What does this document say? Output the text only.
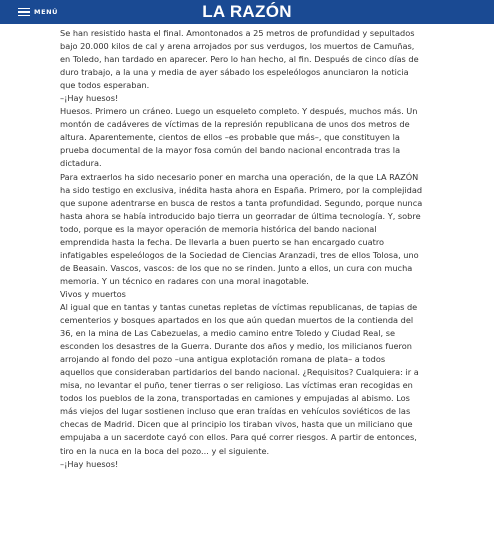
MENÚ	LA RAZÓN

Se han resistido hasta el final. Amontonados a 25 metros de profundidad y sepultados

bajo 20.000 kilos de cal y arena arrojados por sus verdugos, los muertos de Camuñas,

en Toledo, han tardado en aparecer. Pero lo han hecho, al fin. Después de cinco días de

duro trabajo, a la una y media de ayer sábado los espeleólogos anunciaron la noticia

que todos esperaban.

–¡Hay huesos!

Huesos. Primero un cráneo. Luego un esqueleto completo. Y después, muchos más. Un

montón de cadáveres de víctimas de la represión republicana de unos dos metros de

altura. Aparentemente, cientos de ellos –es probable que más–, que constituyen la

prueba documental de la mayor fosa común del bando nacional encontrada tras la

dictadura.

Para extraerlos ha sido necesario poner en marcha una operación, de la que LA RAZÓN

ha sido testigo en exclusiva, inédita hasta ahora en España. Primero, por la complejidad

que supone adentrarse en busca de restos a tanta profundidad. Segundo, porque nunca

hasta ahora se había introducido bajo tierra un georradar de última tecnología. Y, sobre

todo, porque es la mayor operación de memoria histórica del bando nacional

emprendida hasta la fecha. De llevarla a buen puerto se han encargado cuatro

infatigables espeleólogos de la Sociedad de Ciencias Aranzadi, tres de ellos Tolosa, uno

de Beasain. Vascos, vascos: de los que no se rinden. Junto a ellos, un cura con mucha

memoria. Y un técnico en radares con una moral inagotable.

Vivos y muertos

Al igual que en tantas y tantas cunetas repletas de víctimas republicanas, de tapias de

cementerios y bosques apartados en los que aún quedan muertos de la contienda del

36, en la mina de Las Cabezuelas, a medio camino entre Toledo y Ciudad Real, se

esconden los desastres de la Guerra. Durante dos años y medio, los milicianos fueron

arrojando al fondo del pozo –una antigua explotación romana de plata– a todos

aquellos que consideraban partidarios del bando nacional. ¿Requisitos? Cualquiera: ir a

misa, no levantar el puño, tener tierras o ser religioso. Las víctimas eran recogidas en

todos los pueblos de la zona, transportadas en camiones y empujadas al abismo. Los

más viejos del lugar sostienen incluso que eran traídas en vehículos soviéticos de las

checas de Madrid. Dicen que al principio los tiraban vivos, hasta que un miliciano que

empujaba a un sacerdote cayó con ellos. Para qué correr riesgos. A partir de entonces,

tiro en la nuca en la boca del pozo... y el siguiente.

–¡Hay huesos!
